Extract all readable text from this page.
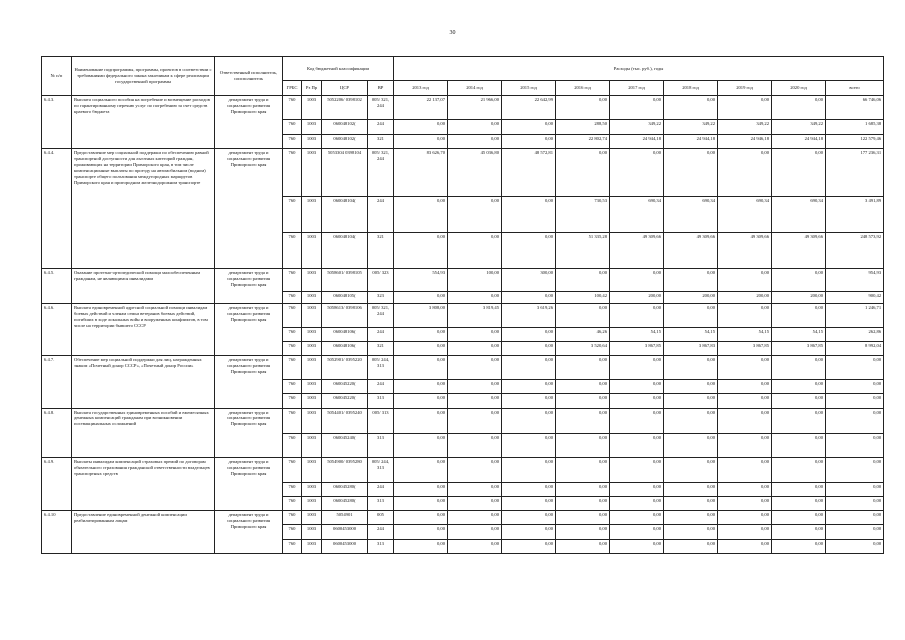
30
№ п/п	Наименование подпрограммы, программы, проектов в соответствии с требованиями федерального закона заказчикам к сфере реализации государственной программы	Ответственный исполнитель, соисполнитель	Код бюджетной классификации				Расходы (тыс. руб.), годы								
			ГРБС	Рз Пр	ЦСР	ВР	2013 год	2014 год	2015 год	2016 год	2017 год	2018 год	2019 год	2020 год	всего
6.4.3.	Выплата социального пособия на погребение и возмещение расходов по гарантированному перечню услуг по погребению за счет средств краевого бюджета	департамент труда и социального развития Приморского края	760	1003	5052206/ 0398102	005/ 321, 244	22 137,07	21 966,00	22 642,99	0,00	0,00	0,00	0,00	0,00	66 746,06
			760	1003	060048102(	244	0,00	0,00	0,00	288,50	349,22	349,22	349,22	349,22	1 685,38
			760	1003	060048102(	321	0,00	0,00	0,00	22 802,74	24 944,18	24 944,18	24 946,18	24 944,18	122 579,46
6.4.4.	Предоставление мер социальной поддержки по обеспечению равной транспортной доступности для льготных категорий граждан, проживающих на территории Приморского края, в том числе компенсационные выплаты по проезду на автомобильном (водном) транспорте общего пользования междугородных маршрутов Приморского края и пригородном железнодорожном транспорте	департамент труда и социального развития Приморского края	760	1003	5053304 0398104	005/ 321, 244	83 626,70	45 036,80	48 572,81	0,00	0,00	0,00	0,00	0,00	177 236,31
			760	1003	060048104(	244	0,00	0,00	0,00	730,53	690,34	690,34	690,34	690,34	3 491,89
			760	1003	060048104(	321	0,00	0,00	0,00	51 335,28	49 309,66	49 309,66	49 309,66	49 309,66	248 573,92
6.4.5.	Оказание протезно-ортопедической помощи малообеспеченным гражданам, не являющимся инвалидами	департамент труда и социального развития Приморского края	760	1003	5058601/ 0398105	005/ 323	554,93	100,00	300,00	0,00	0,00	0,00	0,00	0,00	954,93
			760	1003	060048105(	323	0,00	0,00	0,00	100,42	200,00	200,00	200,00	200,00	900,42
6.4.6.	Выплата единовременной адресной социальной помощи инвалидам боевых действий и членам семьи ветеранов боевых действий, погибших в ходе локальных войн и вооруженных конфликтов, в том числе на территории бывшего СССР	департамент труда и социального развития Приморского края	760	1003	5058613/ 0398106	005/ 321, 244	3 808,00	3 819,45	3 619,26	0,00	0,00	0,00	0,00	0,00	1 246,71
			760	1003	060048106(	244	0,00	0,00	0,00	46,26	54,15	54,15	54,15	54,15	262,86
			760	1003	060048106(	321	0,00	0,00	0,00	3 520,64	3 867,85	3 867,83	3 867,85	3 867,85	8 992,04
6.4.7.	Обеспечение мер социальной поддержки для лиц, награжденных знаком «Почетный донор СССР», «Почетный донор России»	департамент труда и социального развития Приморского края	760	1003	5052901/ 0395220	005/ 244, 313	0,00	0,00	0,00	0,00	0,00	0,00	0,00	0,00	0,00
			760	1003	060045220(	244	0,00	0,00	0,00	0,00	0,00	0,00	0,00	0,00	0,00
			760	1003	060045220(	313	0,00	0,00	0,00	0,00	0,00	0,00	0,00	0,00	0,00
6.4.8.	Выплата государственных единовременных пособий и ежемесячных денежных компенсаций гражданам при возникновении поствакцинальных осложнений	департамент труда и социального развития Приморского края	760	1003	5054401/ 0395240	005/ 313	0,00	0,00	0,00	0,00	0,00	0,00	0,00	0,00	0,00
			760	1003	060045240(	313	0,00	0,00	0,00	0,00	0,00	0,00	0,00	0,00	0,00
6.4.9.	Выплаты инвалидам компенсаций страховых премий по договорам обязательного страхования гражданской ответственности владельцев транспортных средств	департамент труда и социального развития Приморского края	760	1003	5054900/ 0395280	005/ 244, 313	0,00	0,00	0,00	0,00	0,00	0,00	0,00	0,00	0,00
			760	1003	060045280(	244	0,00	0,00	0,00	0,00	0,00	0,00	0,00	0,00	0,00
			760	1003	060045280(	313	0,00	0,00	0,00	0,00	0,00	0,00	0,00	0,00	0,00
6.4.10	Предоставление единовременной денежной компенсации реабилитированным лицам	департамент труда и социального развития Приморского края	760	1003	5054901	005	0,00	0,00	0,00	0,00	0,00	0,00	0,00	0,00	0,00
			760	1003	0600453000	244	0,00	0,00	0,00	0,00	0,00	0,00	0,00	0,00	0,00
			760	1003	0600453000	313	0,00	0,00	0,00	0,00	0,00	0,00	0,00	0,00	0,00
